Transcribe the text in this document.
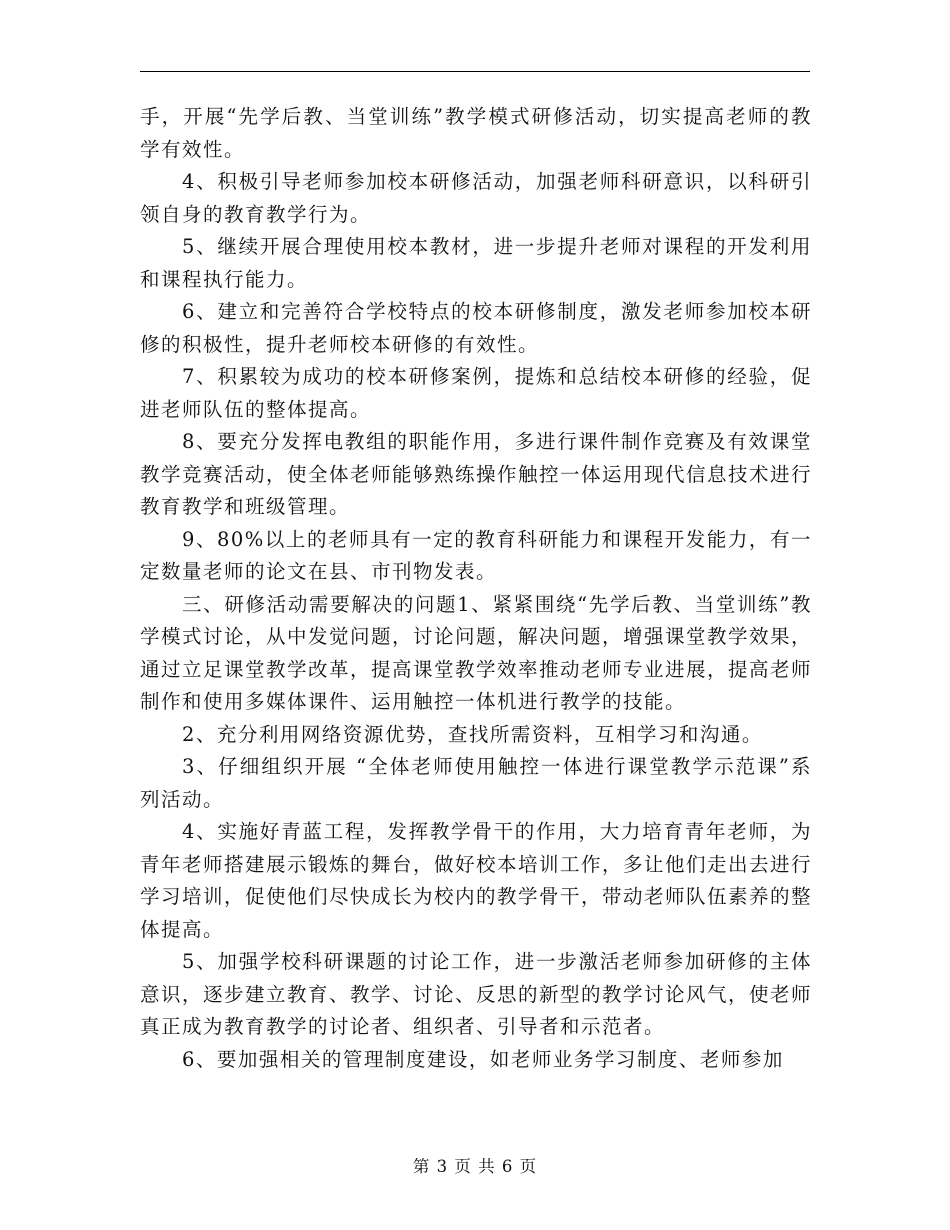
手，开展“先学后教、当堂训练”教学模式研修活动，切实提高老师的教学有效性。

4、积极引导老师参加校本研修活动，加强老师科研意识，以科研引领自身的教育教学行为。

5、继续开展合理使用校本教材，进一步提升老师对课程的开发利用和课程执行能力。

6、建立和完善符合学校特点的校本研修制度，激发老师参加校本研修的积极性，提升老师校本研修的有效性。

7、积累较为成功的校本研修案例，提炼和总结校本研修的经验，促进老师队伍的整体提高。

8、要充分发挥电教组的职能作用，多进行课件制作竞赛及有效课堂教学竞赛活动，使全体老师能够熟练操作触控一体运用现代信息技术进行教育教学和班级管理。

9、80%以上的老师具有一定的教育科研能力和课程开发能力，有一定数量老师的论文在县、市刊物发表。

三、研修活动需要解决的问题1、紧紧围绕“先学后教、当堂训练”教学模式讨论，从中发觉问题，讨论问题，解决问题，增强课堂教学效果，通过立足课堂教学改革，提高课堂教学效率推动老师专业进展，提高老师制作和使用多媒体课件、运用触控一体机进行教学的技能。

2、充分利用网络资源优势，查找所需资料，互相学习和沟通。

3、仔细组织开展 “全体老师使用触控一体进行课堂教学示范课”系列活动。

4、实施好青蓝工程，发挥教学骨干的作用，大力培育青年老师，为青年老师搭建展示锻炼的舞台，做好校本培训工作，多让他们走出去进行学习培训，促使他们尽快成长为校内的教学骨干，带动老师队伍素养的整体提高。

5、加强学校科研课题的讨论工作，进一步激活老师参加研修的主体意识，逐步建立教育、教学、讨论、反思的新型的教学讨论风气，使老师真正成为教育教学的讨论者、组织者、引导者和示范者。

6、要加强相关的管理制度建设，如老师业务学习制度、老师参加

第 3 页 共 6 页
